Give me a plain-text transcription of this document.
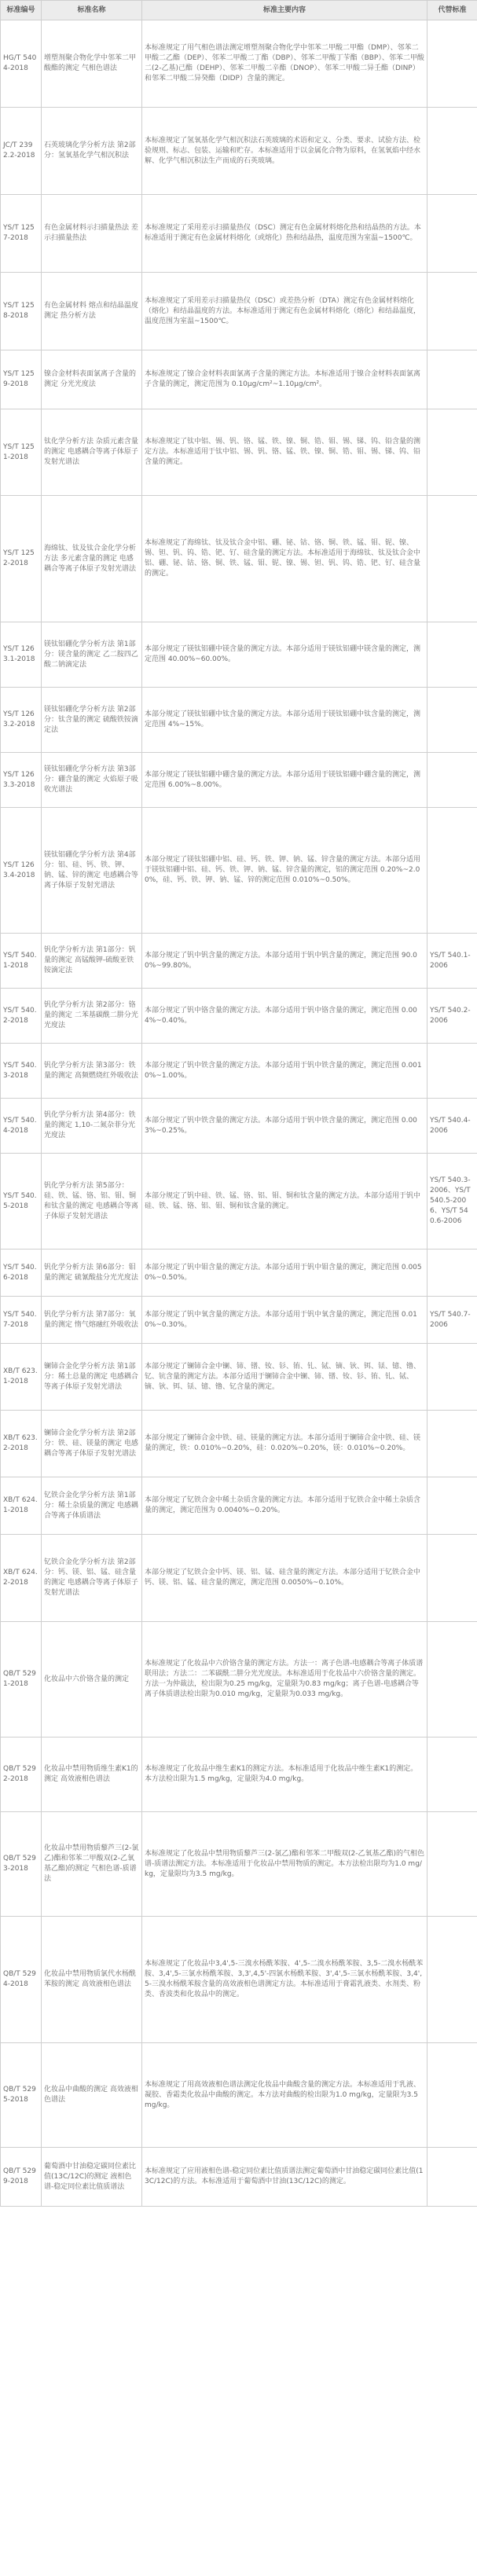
标准编号	标准名称	标准主要内容	代替标准
HG/T 5404-2018	增塑剂聚合物化学中邻苯二甲酸酯的测定 气相色谱法	本标准规定了用气相色谱法测定增塑剂聚合物化学中邻苯二甲酸二甲酯（DMP）、邻苯二甲酸二乙酯（DEP）、邻苯二甲酸二丁酯（DBP）、邻苯二甲酸丁苄酯（BBP）、邻苯二甲酸二(2-乙基)己酯（DEHP）、邻苯二甲酸二辛酯（DNOP）、邻苯二甲酸二异壬酯（DINP）和邻苯二甲酸二异癸酯（DIDP）含量的测定。	
JC/T 2392.2-2018	石英玻璃化学分析方法 第2部分：氢氧基化学气相沉积法	本标准规定了氢氧基化学气相沉积法石英玻璃的术语和定义、分类、要求、试验方法、检验规则、标志、包装、运输和贮存。本标准适用于以金属化合物为原料，在氢氧焰中经水解、化学气相沉积法生产而成的石英玻璃。	
YS/T 1257-2018	有色金属材料示扫描量热法 差示扫描量热法	本标准规定了采用差示扫描量热仪（DSC）测定有色金属材料熔化热和结晶热的方法。本标准适用于测定有色金属材料熔化（或熔化）热和结晶热，温度范围为室温~1500℃。	
YS/T 1258-2018	有色金属材料 熔点和结晶温度测定 热分析方法	本标准规定了采用差示扫描量热仪（DSC）或差热分析（DTA）测定有色金属材料熔化（熔化）和结晶温度的方法。本标准适用于测定有色金属材料熔化（熔化）和结晶温度，温度范围为室温~1500℃。	
YS/T 1259-2018	镍合金材料表面氯离子含量的测定 分光光度法	本标准规定了镍合金材料表面氯离子含量的测定方法。本标准适用于镍合金材料表面氯离子含量的测定，测定范围为 0.10μg/cm²~1.10μg/cm²。	
YS/T 1251-2018	钛化学分析方法 杂质元素含量的测定 电感耦合等离子体原子发射光谱法	本标准规定了钛中铝、锡、钒、铬、锰、铁、镍、铜、锆、钼、锡、锑、钨、铅含量的测定方法。本标准适用于钛中铝、锡、钒、铬、锰、铁、镍、铜、锆、钼、锡、锑、钨、铅含量的测定。	
YS/T 1252-2018	海绵钛、钛及钛合金化学分析方法 多元素含量的测定 电感耦合等离子体原子发射光谱法	本标准规定了海绵钛、钛及钛合金中铝、硼、铋、钴、铬、铜、铁、锰、钼、铌、镍、锡、钽、钒、钨、锆、钯、钌、硅含量的测定方法。本标准适用于海绵钛、钛及钛合金中铝、硼、铋、钴、铬、铜、铁、锰、钼、铌、镍、锡、钽、钒、钨、锆、钯、钌、硅含量的测定。	
YS/T 1263.1-2018	镁钛铝硼化学分析方法 第1部分：镁含量的测定 乙二胺四乙酸二钠滴定法	本部分规定了镁钛铝硼中镁含量的测定方法。本部分适用于镁钛铝硼中镁含量的测定，测定范围 40.00%~60.00%。	
YS/T 1263.2-2018	镁钛铝硼化学分析方法 第2部分：钛含量的测定 硫酸铁铵滴定法	本部分规定了镁钛铝硼中钛含量的测定方法。本部分适用于镁钛铝硼中钛含量的测定，测定范围 4%~15%。	
YS/T 1263.3-2018	镁钛铝硼化学分析方法 第3部分：硼含量的测定 火焰原子吸收光谱法	本部分规定了镁钛铝硼中硼含量的测定方法。本部分适用于镁钛铝硼中硼含量的测定，测定范围 6.00%~8.00%。	
YS/T 1263.4-2018	镁钛铝硼化学分析方法 第4部分：铝、硅、钙、铁、钾、钠、锰、锌的测定 电感耦合等离子体原子发射光谱法	本部分规定了镁钛铝硼中铝、硅、钙、铁、钾、钠、锰、锌含量的测定方法。本部分适用于镁钛铝硼中铝、硅、钙、铁、钾、钠、锰、锌含量的测定，铝的测定范围 0.20%~2.00%，硅、钙、铁、钾、钠、锰、锌的测定范围 0.010%~0.50%。	
YS/T 540.1-2018	钒化学分析方法 第1部分：钒量的测定 高锰酸钾-硫酸亚铁铵滴定法	本部分规定了钒中钒含量的测定方法。本部分适用于钒中钒含量的测定，测定范围 90.00%~99.80%。	YS/T 540.1-2006
YS/T 540.2-2018	钒化学分析方法 第2部分：铬量的测定 二苯基碳酰二肼分光光度法	本部分规定了钒中铬含量的测定方法。本部分适用于钒中铬含量的测定，测定范围 0.004%~0.40%。	YS/T 540.2-2006
YS/T 540.3-2018	钒化学分析方法 第3部分：铁量的测定 高频燃烧红外吸收法	本部分规定了钒中铁含量的测定方法。本部分适用于钒中铁含量的测定，测定范围 0.0010%~1.00%。	
YS/T 540.4-2018	钒化学分析方法 第4部分：铁量的测定 1,10-二氮杂菲分光光度法	本部分规定了钒中铁含量的测定方法。本部分适用于钒中铁含量的测定，测定范围 0.003%~0.25%。	YS/T 540.4-2006
YS/T 540.5-2018	钒化学分析方法 第5部分：硅、铁、锰、铬、铝、钼、铜和钛含量的测定 电感耦合等离子体原子发射光谱法	本部分规定了钒中硅、铁、锰、铬、铝、钼、铜和钛含量的测定方法。本部分适用于钒中硅、铁、锰、铬、铝、钼、铜和钛含量的测定。	YS/T 540.3-2006、YS/T 540.5-2006、YS/T 540.6-2006
YS/T 540.6-2018	钒化学分析方法 第6部分：钼量的测定 硫氰酸盐分光光度法	本部分规定了钒中钼含量的测定方法。本部分适用于钒中钼含量的测定，测定范围 0.0050%~0.50%。	
YS/T 540.7-2018	钒化学分析方法 第7部分：氧量的测定 惰气熔融红外吸收法	本部分规定了钒中氧含量的测定方法。本部分适用于钒中氧含量的测定，测定范围 0.010%~0.30%。	YS/T 540.7-2006
XB/T 623.1-2018	镧铈合金化学分析方法 第1部分：稀土总量的测定 电感耦合等离子体原子发射光谱法	本部分规定了镧铈合金中镧、铈、镨、钕、钐、铕、钆、铽、镝、钬、铒、铥、镱、镥、钇、钪含量的测定方法。本部分适用于镧铈合金中镧、铈、镨、钕、钐、铕、钆、铽、镝、钬、铒、铥、镱、镥、钇含量的测定。	
XB/T 623.2-2018	镧铈合金化学分析方法 第2部分：铁、硅、镁量的测定 电感耦合等离子体原子发射光谱法	本部分规定了镧铈合金中铁、硅、镁量的测定方法。本部分适用于镧铈合金中铁、硅、镁量的测定，铁：0.010%~0.20%，硅：0.020%~0.20%，镁：0.010%~0.20%。	
XB/T 624.1-2018	钇铁合金化学分析方法 第1部分：稀土杂质量的测定 电感耦合等离子体质谱法	本部分规定了钇铁合金中稀土杂质含量的测定方法。本部分适用于钇铁合金中稀土杂质含量的测定，测定范围为 0.0040%~0.20%。	
XB/T 624.2-2018	钇铁合金化学分析方法 第2部分：钙、镁、铝、锰、硅含量的测定 电感耦合等离子体原子发射光谱法	本部分规定了钇铁合金中钙、镁、铝、锰、硅含量的测定方法。本部分适用于钇铁合金中钙、镁、铝、锰、硅含量的测定，测定范围 0.0050%~0.10%。	
QB/T 5291-2018	化妆品中六价铬含量的测定	本标准规定了化妆品中六价铬含量的测定方法。方法一：离子色谱-电感耦合等离子体质谱联用法；方法二：二苯碳酰二肼分光光度法。本标准适用于化妆品中六价铬含量的测定。方法一为仲裁法，检出限为0.25 mg/kg，定量限为0.83 mg/kg；离子色谱-电感耦合等离子体质谱法检出限为0.010 mg/kg，定量限为0.033 mg/kg。	
QB/T 5292-2018	化妆品中禁用物质维生素K1的测定 高效液相色谱法	本标准规定了化妆品中维生素K1的测定方法。本标准适用于化妆品中维生素K1的测定。本方法检出限为1.5 mg/kg，定量限为4.0 mg/kg。	
QB/T 5293-2018	化妆品中禁用物质藜芦三(2-氯乙)酯和邻苯二甲酸双(2-乙氧基乙酯)的测定 气相色谱-质谱法	本标准规定了化妆品中禁用物质藜芦三(2-氯乙)酯和邻苯二甲酸双(2-乙氧基乙酯)的气相色谱-质谱法测定方法。本标准适用于化妆品中禁用物质的测定。本方法检出限均为1.0 mg/kg，定量限均为3.5 mg/kg。	
QB/T 5294-2018	化妆品中禁用物质氯代水杨酰苯胺的测定 高效液相色谱法	本标准规定了化妆品中3,4',5-三溴水杨酰苯胺、4',5-二溴水杨酰苯胺、3,5-二溴水杨酰苯胺、3,4',5-三氯水杨酰苯胺、3,3',4,5'-四氯水杨酰苯胺、3',4',5-三氯水杨酰苯胺、3,4',5-三溴水杨酰苯胺含量的高效液相色谱测定方法。本标准适用于膏霜乳液类、水剂类、粉类、香波类和化妆品中的测定。	
QB/T 5295-2018	化妆品中曲酸的测定 高效液相色谱法	本标准规定了用高效液相色谱法测定化妆品中曲酸含量的测定方法。本标准适用于乳液、凝胶、香霜类化妆品中曲酸的测定。本方法对曲酸的检出限为1.0 mg/kg，定量限为3.5 mg/kg。	
QB/T 5299-2018	葡萄酒中甘油稳定碳同位素比值(13C/12C)的测定 液相色谱-稳定同位素比值质谱法	本标准规定了应用液相色谱-稳定同位素比值质谱法测定葡萄酒中甘油稳定碳同位素比值(13C/12C)的方法。本标准适用于葡萄酒中甘油(13C/12C)的测定。	
